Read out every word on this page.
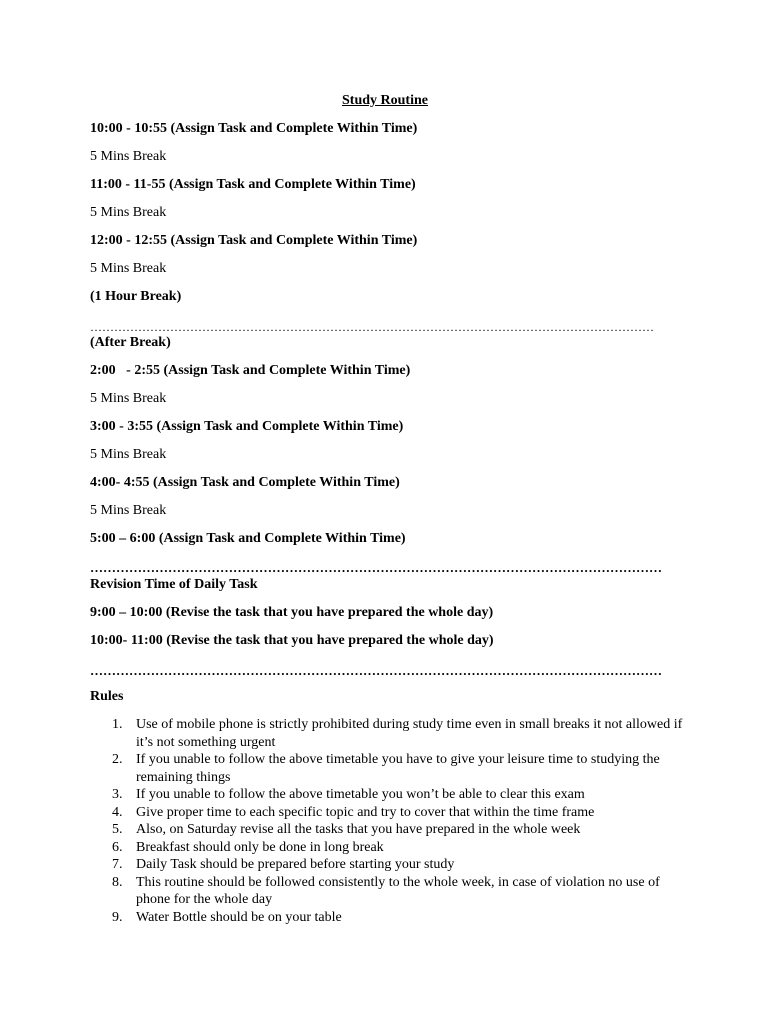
Study Routine
10:00 - 10:55 (Assign Task and Complete Within Time)
5 Mins Break
11:00 - 11-55 (Assign Task and Complete Within Time)
5 Mins Break
12:00 - 12:55 (Assign Task and Complete Within Time)
5 Mins Break
(1 Hour Break)
……………………………………………………………………………………………………………………………
(After Break)
2:00   - 2:55 (Assign Task and Complete Within Time)
5 Mins Break
3:00 - 3:55 (Assign Task and Complete Within Time)
5 Mins Break
4:00- 4:55 (Assign Task and Complete Within Time)
5 Mins Break
5:00 – 6:00 (Assign Task and Complete Within Time)
……………………………………………………………………………………………………………………
Revision Time of Daily Task
9:00 – 10:00 (Revise the task that you have prepared the whole day)
10:00- 11:00 (Revise the task that you have prepared the whole day)
……………………………………………………………………………………………………………………
Rules
1. Use of mobile phone is strictly prohibited during study time even in small breaks it not allowed if it’s not something urgent
2. If you unable to follow the above timetable you have to give your leisure time to studying the remaining things
3. If you unable to follow the above timetable you won’t be able to clear this exam
4. Give proper time to each specific topic and try to cover that within the time frame
5. Also, on Saturday revise all the tasks that you have prepared in the whole week
6. Breakfast should only be done in long break
7. Daily Task should be prepared before starting your study
8. This routine should be followed consistently to the whole week, in case of violation no use of phone for the whole day
9. Water Bottle should be on your table
